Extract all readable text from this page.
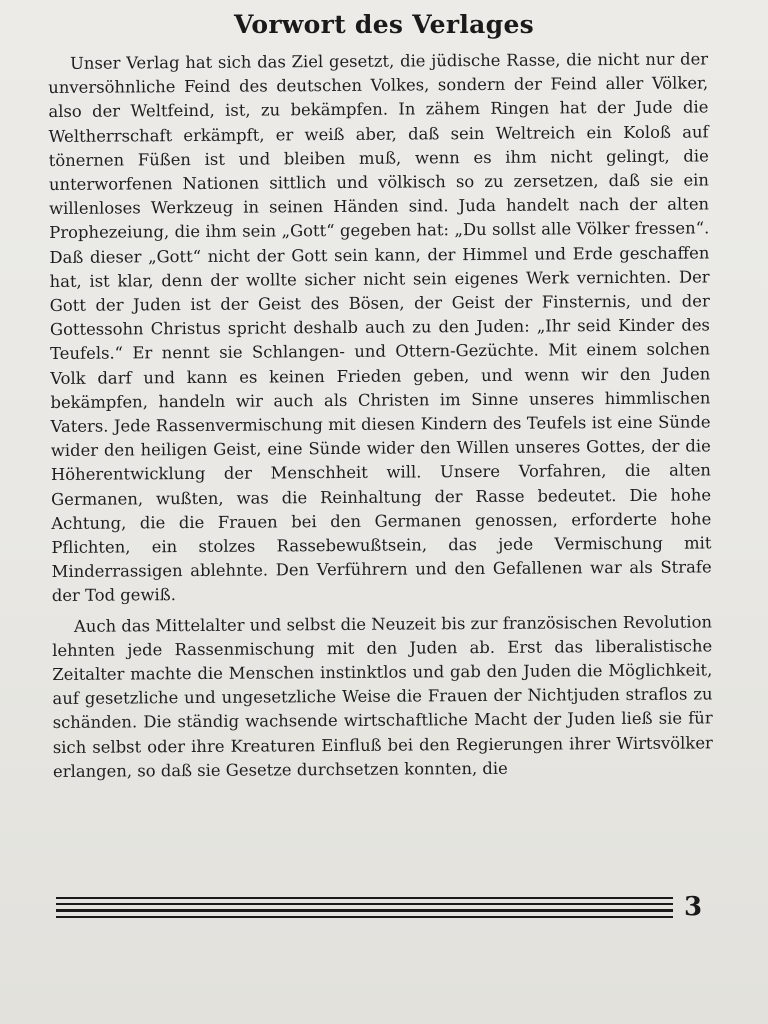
Vorwort des Verlages

Unser Verlag hat sich das Ziel gesetzt, die jüdische Rasse, die nicht nur der unversöhnliche Feind des deutschen Volkes, sondern der Feind aller Völker, also der Weltfeind, ist, zu bekämpfen. In zähem Ringen hat der Jude die Weltherrschaft erkämpft, er weiß aber, daß sein Weltreich ein Koloß auf tönernen Füßen ist und bleiben muß, wenn es ihm nicht gelingt, die unterworfenen Nationen sittlich und völkisch so zu zersetzen, daß sie ein willenloses Werkzeug in seinen Händen sind. Juda handelt nach der alten Prophezeiung, die ihm sein „Gott“ gegeben hat: „Du sollst alle Völker fressen“. Daß dieser „Gott“ nicht der Gott sein kann, der Himmel und Erde geschaffen hat, ist klar, denn der wollte sicher nicht sein eigenes Werk vernichten. Der Gott der Juden ist der Geist des Bösen, der Geist der Finsternis, und der Gottessohn Christus spricht deshalb auch zu den Juden: „Ihr seid Kinder des Teufels.“ Er nennt sie Schlangen- und Ottern-Gezüchte. Mit einem solchen Volk darf und kann es keinen Frieden geben, und wenn wir den Juden bekämpfen, handeln wir auch als Christen im Sinne unseres himmlischen Vaters. Jede Rassenvermischung mit diesen Kindern des Teufels ist eine Sünde wider den heiligen Geist, eine Sünde wider den Willen unseres Gottes, der die Höherentwicklung der Menschheit will. Unsere Vorfahren, die alten Germanen, wußten, was die Reinhaltung der Rasse bedeutet. Die hohe Achtung, die die Frauen bei den Germanen genossen, erforderte hohe Pflichten, ein stolzes Rassebewußtsein, das jede Vermischung mit Minderrassigen ablehnte. Den Verführern und den Gefallenen war als Strafe der Tod gewiß.

Auch das Mittelalter und selbst die Neuzeit bis zur französischen Revolution lehnten jede Rassenmischung mit den Juden ab. Erst das liberalistische Zeitalter machte die Menschen instinktlos und gab den Juden die Möglichkeit, auf gesetzliche und ungesetzliche Weise die Frauen der Nichtjuden straflos zu schänden. Die ständig wachsende wirtschaftliche Macht der Juden ließ sie für sich selbst oder ihre Kreaturen Einfluß bei den Regierungen ihrer Wirtsvölker erlangen, so daß sie Gesetze durchsetzen konnten, die

3
